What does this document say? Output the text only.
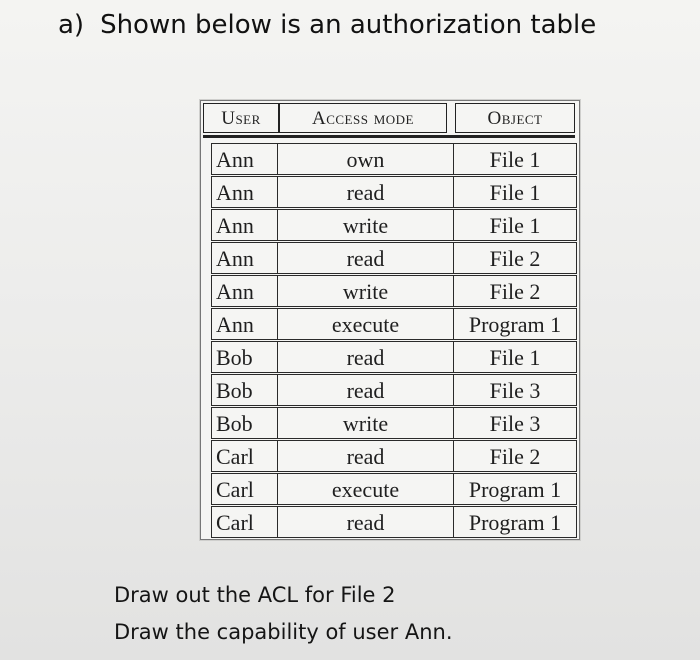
a) Shown below is an authorization table
User	access mode	object
Ann	own	File 1
Ann	read	File 1
Ann	write	File 1
Ann	read	File 2
Ann	write	File 2
Ann	execute	Program 1
Bob	read	File 1
Bob	read	File 3
Bob	write	File 3
Carl	read	File 2
Carl	execute	Program 1
Carl	read	Program 1
Draw out the ACL for File 2
Draw the capability of user Ann.
